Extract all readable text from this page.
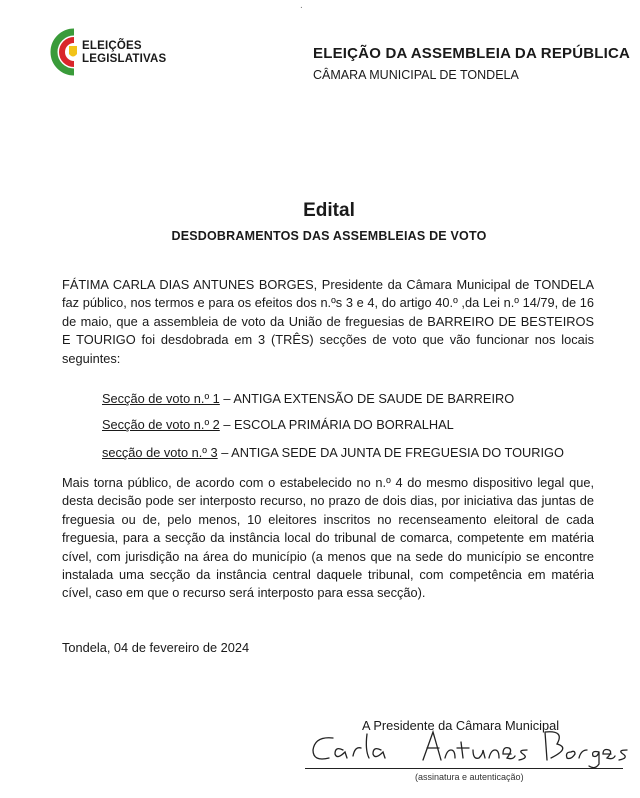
.
ELEIÇÕES
LEGISLATIVAS	ELEIÇÃO DA ASSEMBLEIA DA REPÚBLICA
CÂMARA MUNICIPAL DE TONDELA
Edital
DESDOBRAMENTOS DAS ASSEMBLEIAS DE VOTO
FÁTIMA CARLA DIAS ANTUNES BORGES, Presidente da Câmara Municipal de TONDELA faz público, nos termos e para os efeitos dos n.ºs 3 e 4, do artigo 40.º ,da Lei n.º 14/79, de 16 de maio, que a assembleia de voto da União de freguesias de BARREIRO DE BESTEIROS E TOURIGO foi desdobrada em 3 (TRÊS) secções de voto que vão funcionar nos locais seguintes:
Secção de voto n.º 1 – ANTIGA EXTENSÃO DE SAUDE DE BARREIRO
Secção de voto n.º 2 – ESCOLA PRIMÁRIA DO BORRALHAL
secção de voto n.º 3 – ANTIGA SEDE DA JUNTA DE FREGUESIA DO TOURIGO
Mais torna público, de acordo com o estabelecido no n.º 4 do mesmo dispositivo legal que, desta decisão pode ser interposto recurso, no prazo de dois dias, por iniciativa das juntas de freguesia ou de, pelo menos, 10 eleitores inscritos no recenseamento eleitoral de cada freguesia, para a secção da instância local do tribunal de comarca, competente em matéria cível, com jurisdição na área do município (a menos que na sede do município se encontre instalada uma secção da instância central daquele tribunal, com competência em matéria cível, caso em que o recurso será interposto para essa secção).
Tondela, 04 de fevereiro de 2024
A Presidente da Câmara Municipal
(assinatura e autenticação)
